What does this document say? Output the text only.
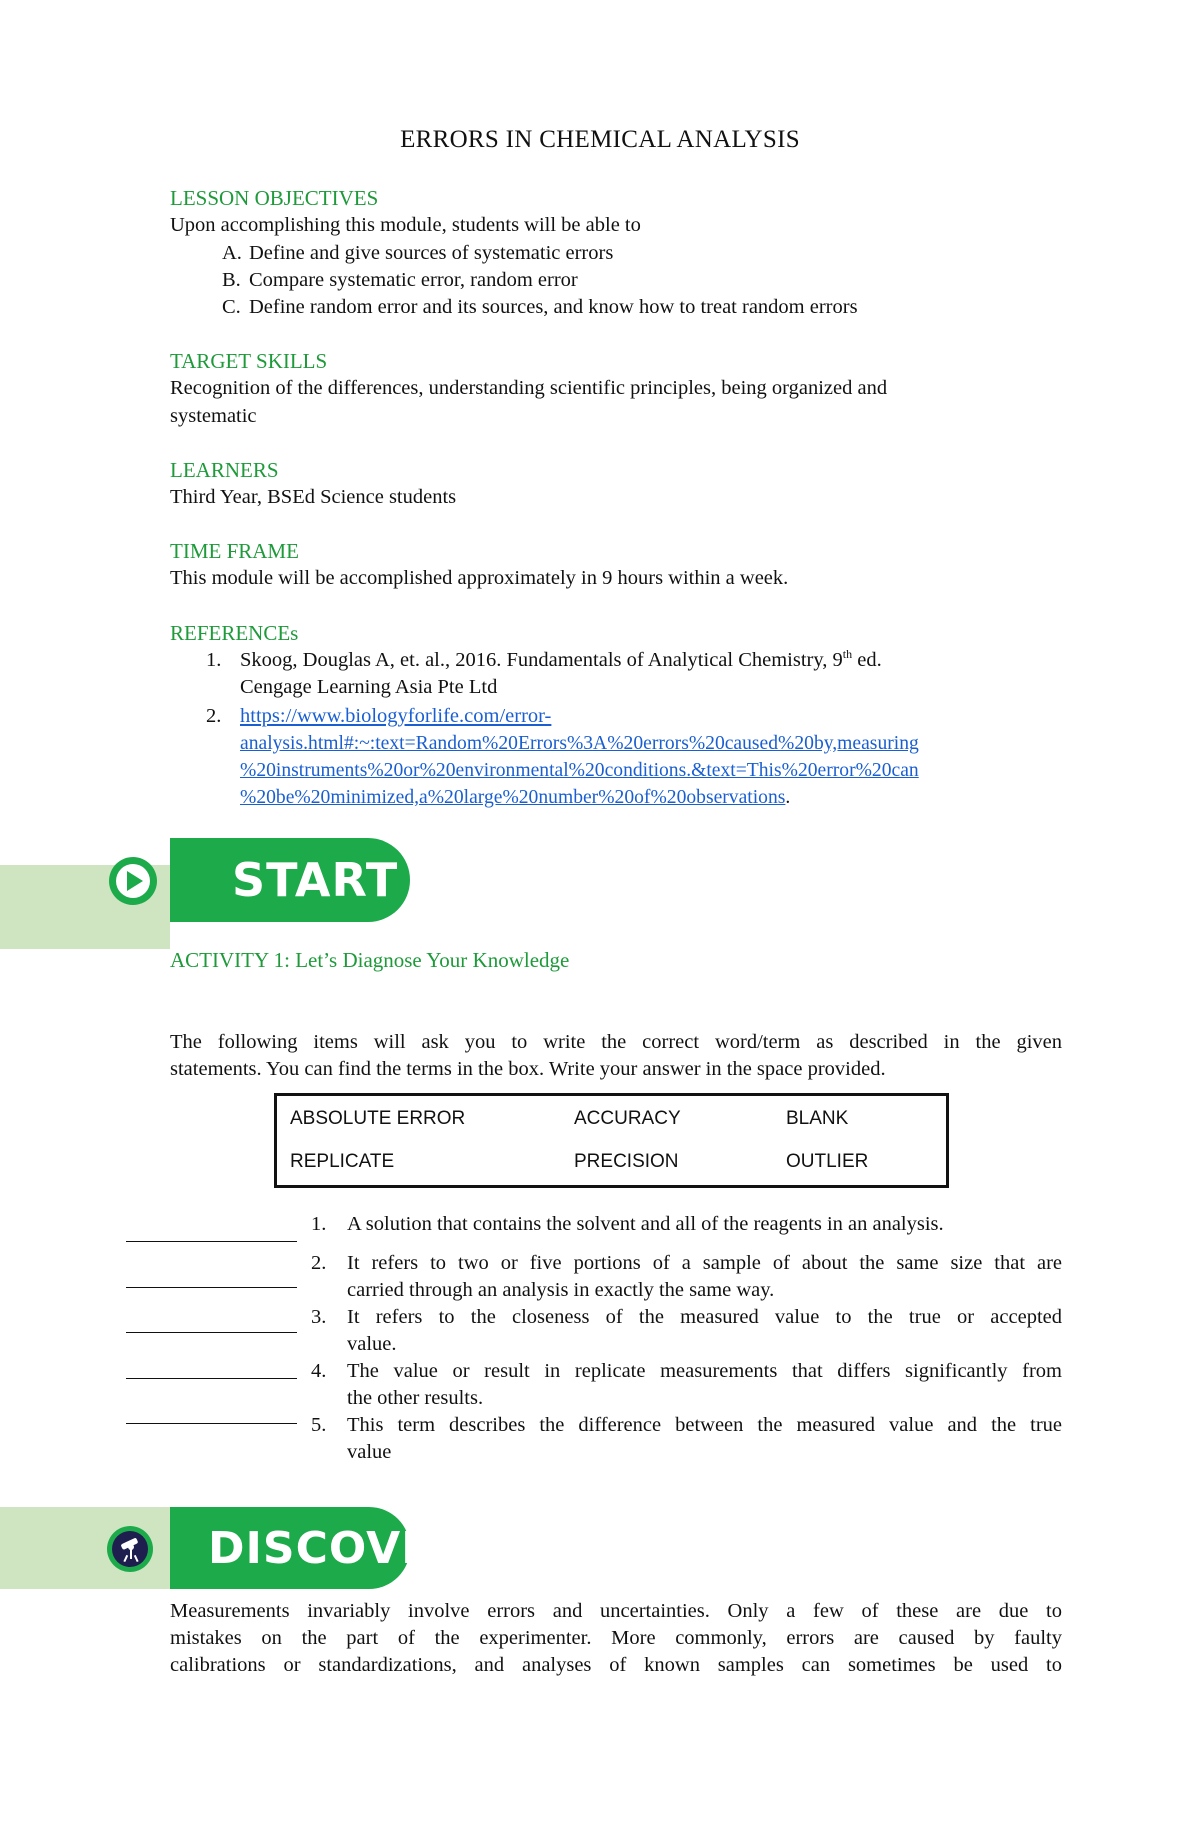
ERRORS IN CHEMICAL ANALYSIS
LESSON OBJECTIVES
Upon accomplishing this module, students will be able to
A. Define and give sources of systematic errors
B. Compare systematic error, random error
C. Define random error and its sources, and know how to treat random errors
TARGET SKILLS
Recognition of the differences, understanding scientific principles, being organized and
systematic
LEARNERS
Third Year, BSEd Science students
TIME FRAME
This module will be accomplished approximately in 9 hours within a week.
REFERENCEs
1. Skoog, Douglas A, et. al., 2016. Fundamentals of Analytical Chemistry, 9th ed.
Cengage Learning Asia Pte Ltd
2. https://www.biologyforlife.com/error-
analysis.html#:~:text=Random%20Errors%3A%20errors%20caused%20by,measuring
%20instruments%20or%20environmental%20conditions.&text=This%20error%20can
%20be%20minimized,a%20large%20number%20of%20observations.
START
ACTIVITY 1: Let’s Diagnose Your Knowledge
The following items will ask you to write the correct word/term as described in the given
statements. You can find the terms in the box. Write your answer in the space provided.
ABSOLUTE ERROR	ACCURACY	BLANK
REPLICATE	PRECISION	OUTLIER
1. A solution that contains the solvent and all of the reagents in an analysis.
2. It refers to two or five portions of a sample of about the same size that are
carried through an analysis in exactly the same way.
3. It refers to the closeness of the measured value to the true or accepted
value.
4. The value or result in replicate measurements that differs significantly from
the other results.
5. This term describes the difference between the measured value and the true
value
DISCOVER
Measurements invariably involve errors and uncertainties. Only a few of these are due to
mistakes on the part of the experimenter. More commonly, errors are caused by faulty
calibrations or standardizations, and analyses of known samples can sometimes be used to
